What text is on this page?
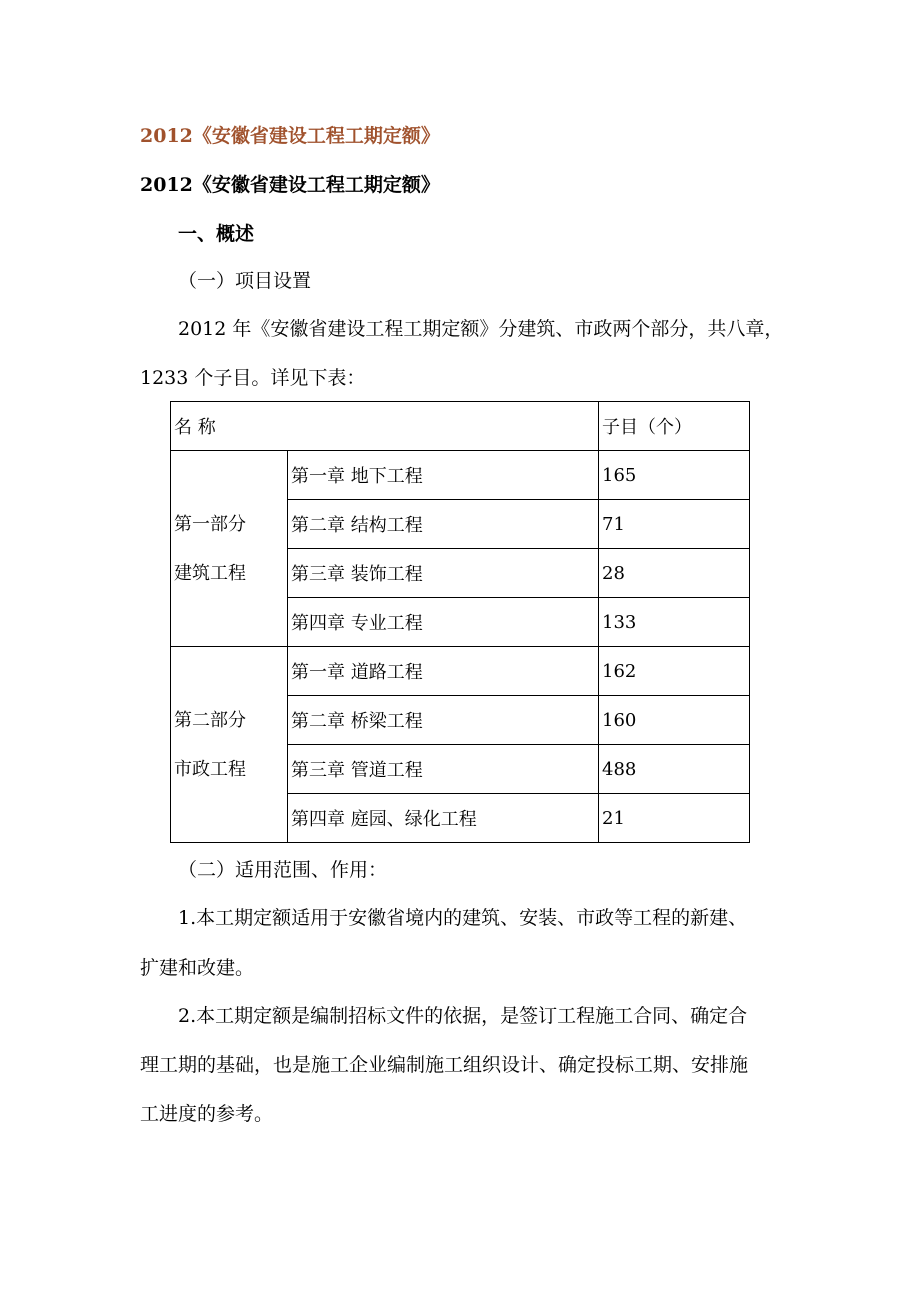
2012《安徽省建设工程工期定额》
2012《安徽省建设工程工期定额》
一、概述
（一）项目设置
2012 年《安徽省建设工程工期定额》分建筑、市政两个部分，共八章，
1233 个子目。详见下表：
名 称		子目（个）
第一部分
建筑工程	第一章 地下工程	165
	第二章 结构工程	71
	第三章 装饰工程	28
	第四章 专业工程	133
第二部分
市政工程	第一章 道路工程	162
	第二章 桥梁工程	160
	第三章 管道工程	488
	第四章 庭园、绿化工程	21
（二）适用范围、作用：
1.本工期定额适用于安徽省境内的建筑、安装、市政等工程的新建、
扩建和改建。
2.本工期定额是编制招标文件的依据，是签订工程施工合同、确定合
理工期的基础，也是施工企业编制施工组织设计、确定投标工期、安排施
工进度的参考。
